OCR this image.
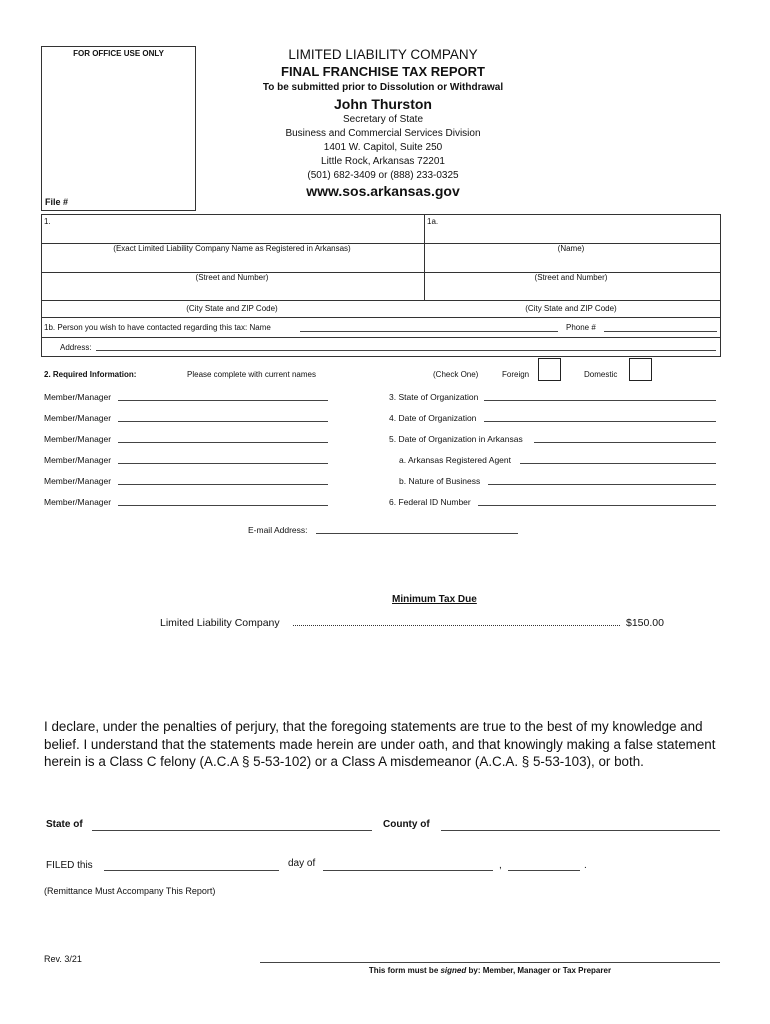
FOR OFFICE USE ONLY
File #
LIMITED LIABILITY COMPANY
FINAL FRANCHISE TAX REPORT
To be submitted prior to Dissolution or Withdrawal
John Thurston
Secretary of State
Business and Commercial Services Division
1401 W. Capitol, Suite 250
Little Rock, Arkansas 72201
(501) 682-3409 or (888) 233-0325
www.sos.arkansas.gov
1.	1a.
(Exact Limited Liability Company Name as Registered in Arkansas)	(Name)
(Street and Number)	(Street and Number)
(City State and ZIP Code)	(City State and ZIP Code)
1b. Person you wish to have contacted regarding this tax: Name	Phone #
Address:
2. Required Information:	Please complete with current names	(Check One)	Foreign	Domestic
Member/Manager
Member/Manager
Member/Manager
Member/Manager
Member/Manager
Member/Manager
3. State of Organization
4. Date of Organization
5. Date of Organization in Arkansas
a. Arkansas Registered Agent
b. Nature of Business
6. Federal ID Number
E-mail Address:
Minimum Tax Due
Limited Liability Company	$150.00
I declare, under the penalties of perjury, that the foregoing statements are true to the best of my knowledge and belief. I understand that the statements made herein are under oath, and that knowingly making a false statement herein is a Class C felony (A.C.A § 5-53-102) or a Class A misdemeanor (A.C.A. § 5-53-103), or both.
State of	County of
FILED this	day of	,	.
(Remittance Must Accompany This Report)
Rev. 3/21
This form must be signed by: Member, Manager or Tax Preparer
